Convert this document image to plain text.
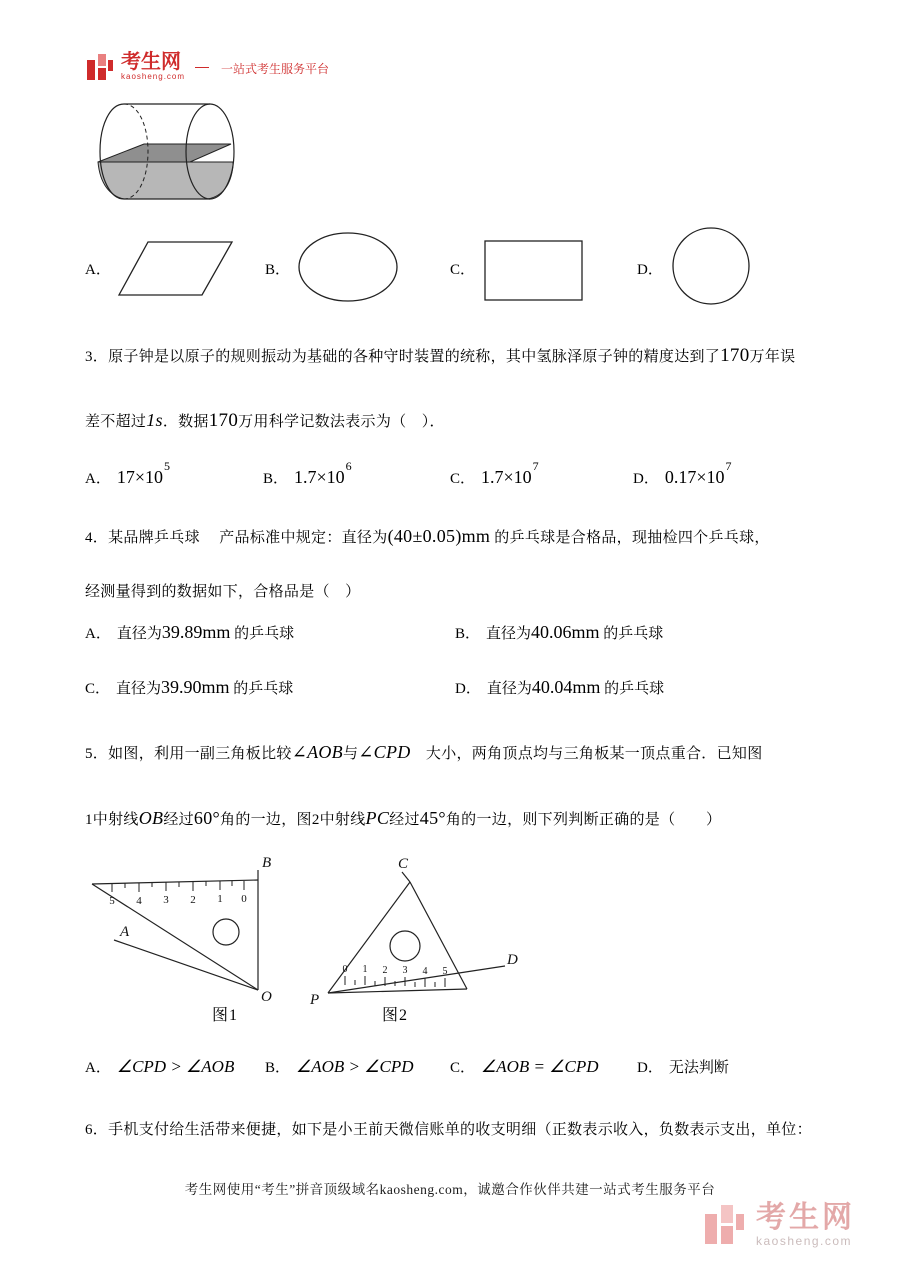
考生网
kaosheng.com
一站式考生服务平台
A．	B．	C．	D．
3．原子钟是以原子的规则振动为基础的各种守时装置的统称，其中氢脉泽原子钟的精度达到了170万年误
差不超过1s．数据170万用科学记数法表示为（　）．
A． $17\times 10^5$
B． $1.7\times 10^6$
C． $1.7\times 10^7$
D． $0.17\times 10^7$
4．某品牌乒乓球　 产品标准中规定：直径为(40±0.05)mm 的乒乓球是合格品，现抽检四个乒乓球，
经测量得到的数据如下，合格品是（　）
A． 直径为39.89mm 的乒乓球	B． 直径为40.06mm 的乒乓球
C． 直径为39.90mm 的乒乓球	D． 直径为40.04mm 的乒乓球
5．如图，利用一副三角板比较∠AOB与∠CPD　大小，两角顶点均与三角板某一顶点重合．已知图
1中射线OB经过60°角的一边，图2中射线PC经过45°角的一边，则下列判断正确的是（　　）
5 4 3 2 1 0
B
A
O
0 1 2 3 4 5
C
P
D
图1	图2
A． ∠CPD > ∠AOB B． ∠AOB > ∠CPD C． ∠AOB = ∠CPD	D． 无法判断
6．手机支付给生活带来便捷，如下是小王前天微信账单的收支明细（正数表示收入，负数表示支出，单位：
考生网使用“考生”拼音顶级域名kaosheng.com，诚邀合作伙伴共建一站式考生服务平台
考生网
kaosheng.com
